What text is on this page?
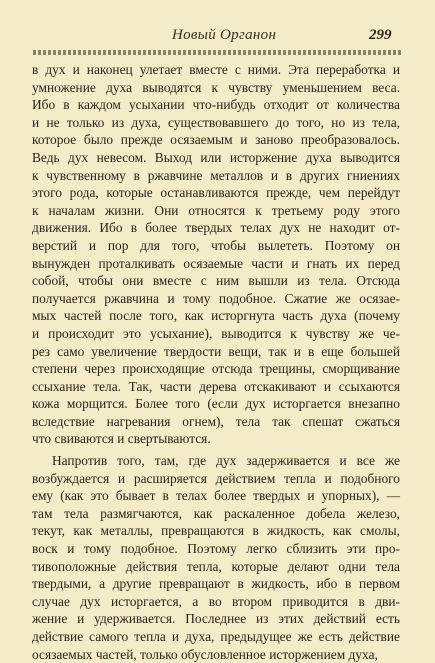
Новый Органон	299

в дух и наконец улетает вместе с ними. Эта переработка и
умножение духа выводятся к чувству уменьшением веса.
Ибо в каждом усыхании что-нибудь отходит от количества
и не только из духа, существовавшего до того, но из тела,
которое было прежде осязаемым и заново преобразовалось.
Ведь дух невесом. Выход или исторжение духа выводится
к чувственному в ржавчине металлов и в других гниениях
этого рода, которые останавливаются прежде, чем перейдут
к началам жизни. Они относятся к третьему роду этого
движения. Ибо в более твердых телах дух не находит от-
верстий и пор для того, чтобы вылететь. Поэтому он
вынужден проталкивать осязаемые части и гнать их перед
собой, чтобы они вместе с ним вышли из тела. Отсюда
получается ржавчина и тому подобное. Сжатие же осязае-
мых частей после того, как исторгнута часть духа (почему
и происходит это усыхание), выводится к чувству же че-
рез само увеличение твердости вещи, так и в еще большей
степени через происходящие отсюда трещины, сморщивание
ссыхание тела. Так, части дерева отскакивают и ссыхаются
кожа морщится. Более того (если дух исторгается внезапно
вследствие нагревания огнем), тела так спешат сжаться
что свиваются и свертываются.

Напротив того, там, где дух задерживается и все же
возбуждается и расширяется действием тепла и подобного
ему (как это бывает в телах более твердых и упорных), —
там тела размягчаются, как раскаленное добела железо,
текут, как металлы, превращаются в жидкость, как смолы,
воск и тому подобное. Поэтому легко сблизить эти про-
тивоположные действия тепла, которые делают одни тела
твердыми, а другие превращают в жидкость, ибо в первом
случае дух исторгается, а во втором приводится в дви-
жение и удерживается. Последнее из этих действий есть
действие самого тепла и духа, предыдущее же есть действие
осязаемых частей, только обусловленное исторжением духа,
